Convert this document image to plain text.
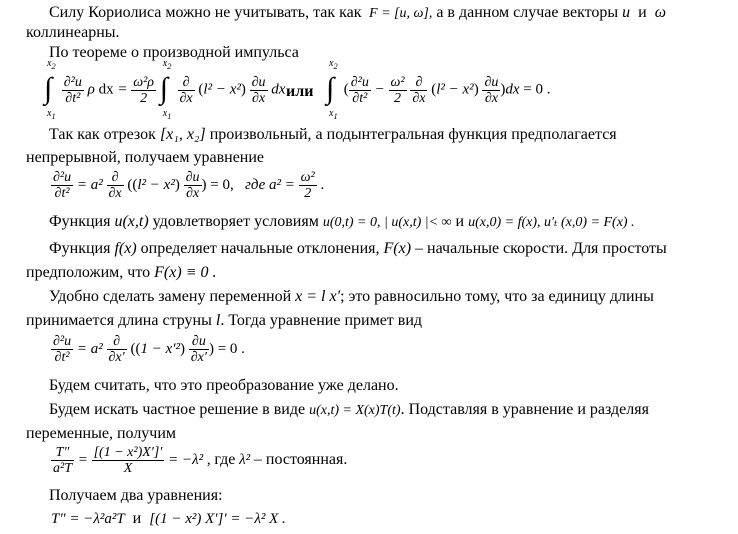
Силу Кориолиса можно не учитывать, так как F = [u, ω], а в данном случае векторы u и ω
коллинеарны.
По теореме о производной импульса
∫
$x_2$
$x_1$

$\frac{\text{∂²u}}{\text{∂t²}}$ ρ dx = $\frac{\text{ω²ρ}}{2}$
∫
$x_2$
$x_1$

$\frac{\partial}{\partial x} (l^2 - x^2) \frac{\partial u}{\partial x}$ dx или ∫
$x_2$
$x_1$
( $\frac{\text{∂²u}}{\text{∂t²}} - \frac{\text{ω²}}{2}$
$\frac{\partial}{\partial x} (l^2 - x^2) \frac{\partial u}{\partial x} )dx = 0$ .
Так как отрезок [x₁, x₂] произвольный, а подынтегральная функция предполагается
непрерывной, получаем уравнение
$\frac{\text{∂²u}}{\text{∂t²}} = a^2 \frac{\partial}{\partial x} ((l^2 - x^2) \frac{\partial u}{\partial x}$ ) = 0, где $a^2 = \frac{\text{ω²}}{2}$ .
Функция u(x,t) удовлетворяет условиям u(0,t) = 0, | u(x,t) |< ∞ и u(x,0) = f(x), u′ₜ (x,0) = F(x) .
Функция f(x) определяет начальные отклонения, F(x) – начальные скорости. Для простоты
предположим, что F(x) ≡ 0 .
Удобно сделать замену переменной x = l x′; это равносильно тому, что за единицу длины
принимается длина струны l. Тогда уравнение примет вид
$\frac{\text{∂²u}}{\text{∂t²}} = a^2 \frac{\partial}{\partial x'} ((1 - x'^2) \frac{\partial u}{\partial x'}$ ) = 0 .
Будем считать, что это преобразование уже делано.
Будем искать частное решение в виде u(x,t) = X(x)T(t). Подставляя в уравнение и разделяя
переменные, получим
$\frac{T''}{\text{a²T}} = \frac{\text{[(1 − x²)X′]′}}{X} = -\lambda^2$ , где λ² – постоянная.
Получаем два уравнения:
T″ = −λ²a²T и [(1 − x²) X′]′ = −λ² X .
